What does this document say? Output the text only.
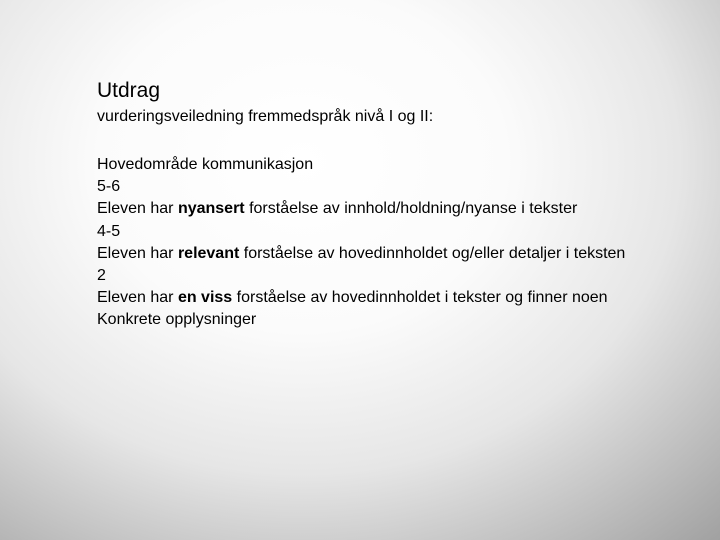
Utdrag
vurderingsveiledning fremmedspråk nivå I og II:
Hovedområde kommunikasjon
5-6
Eleven har nyansert forståelse av innhold/holdning/nyanse i tekster
4-5
Eleven har relevant forståelse av hovedinnholdet og/eller detaljer i teksten
2
Eleven har en viss forståelse av hovedinnholdet i tekster og finner noen
Konkrete opplysninger
